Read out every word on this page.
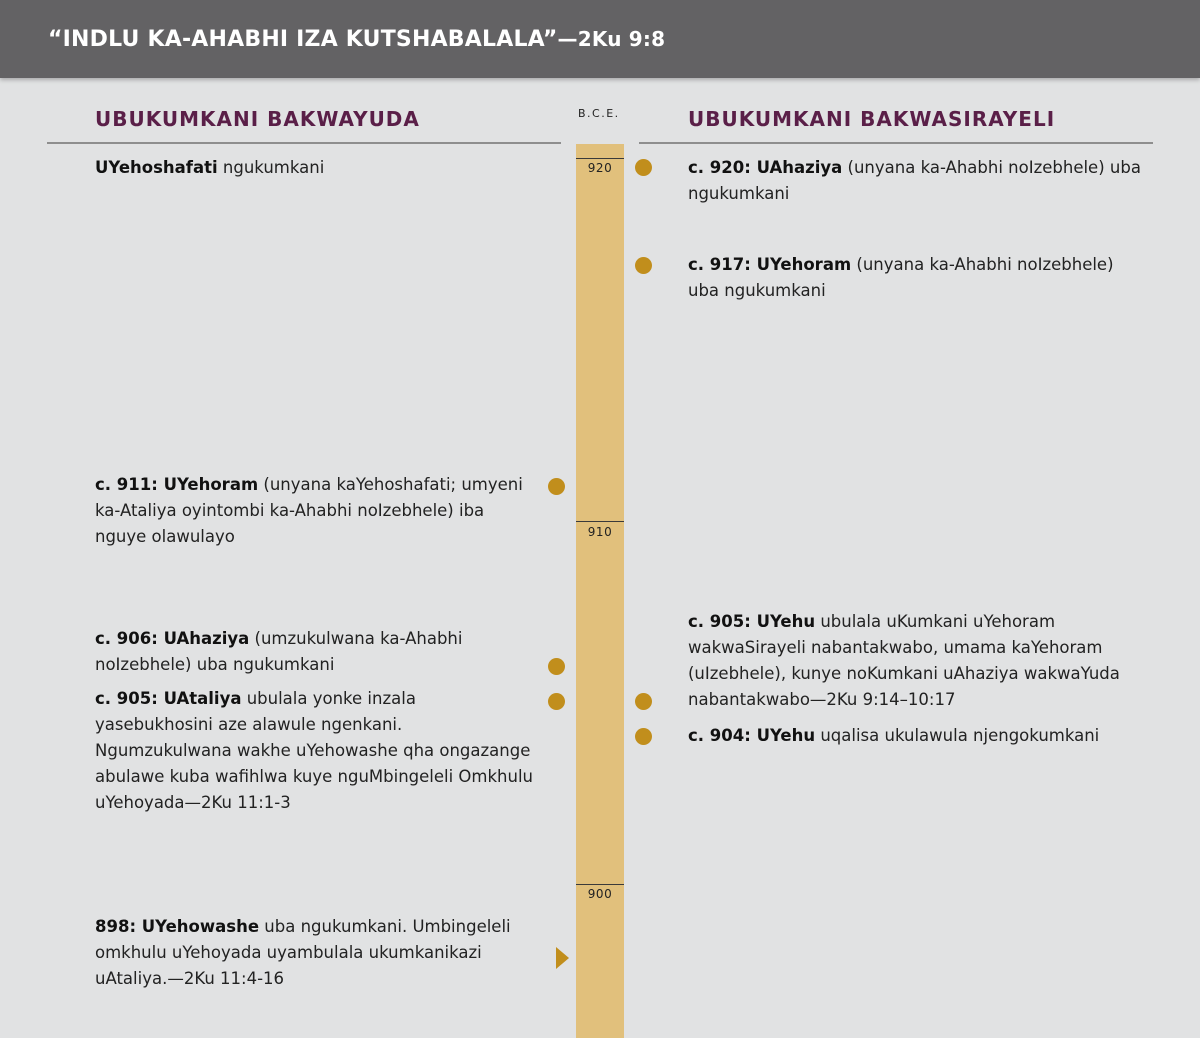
“INDLU KA-AHABHI IZA KUTSHABALALA”—2Ku 9:8
UBUKUMKANI BAKWAYUDA	UBUKUMKANI BAKWASIRAYELI
B.C.E.
920
910
900
UYehoshafati ngukumkani
c. 911: UYehoram (unyana kaYehoshafati; umyeni ka-Ataliya oyintombi ka-Ahabhi noIzebhele) iba nguye olawulayo
c. 906: UAhaziya (umzukulwana ka-Ahabhi noIzebhele) uba ngukumkani
c. 905: UAtaliya ubulala yonke inzala yasebukhosini aze alawule ngenkani. Ngumzukulwana wakhe uYehowashe qha ongazange abulawe kuba wafihlwa kuye nguMbingeleli Omkhulu uYehoyada—2Ku 11:1-3
898: UYehowashe uba ngukumkani. Umbingeleli omkhulu uYehoyada uyambulala ukumkanikazi uAtaliya.—2Ku 11:4-16
c. 920: UAhaziya (unyana ka-Ahabhi noIzebhele) uba ngukumkani
c. 917: UYehoram (unyana ka-Ahabhi noIzebhele) uba ngukumkani
c. 905: UYehu ubulala uKumkani uYehoram wakwaSirayeli nabantakwabo, umama kaYehoram (uIzebhele), kunye noKumkani uAhaziya wakwaYuda nabantakwabo—2Ku 9:14–10:17
c. 904: UYehu uqalisa ukulawula njengokumkani
